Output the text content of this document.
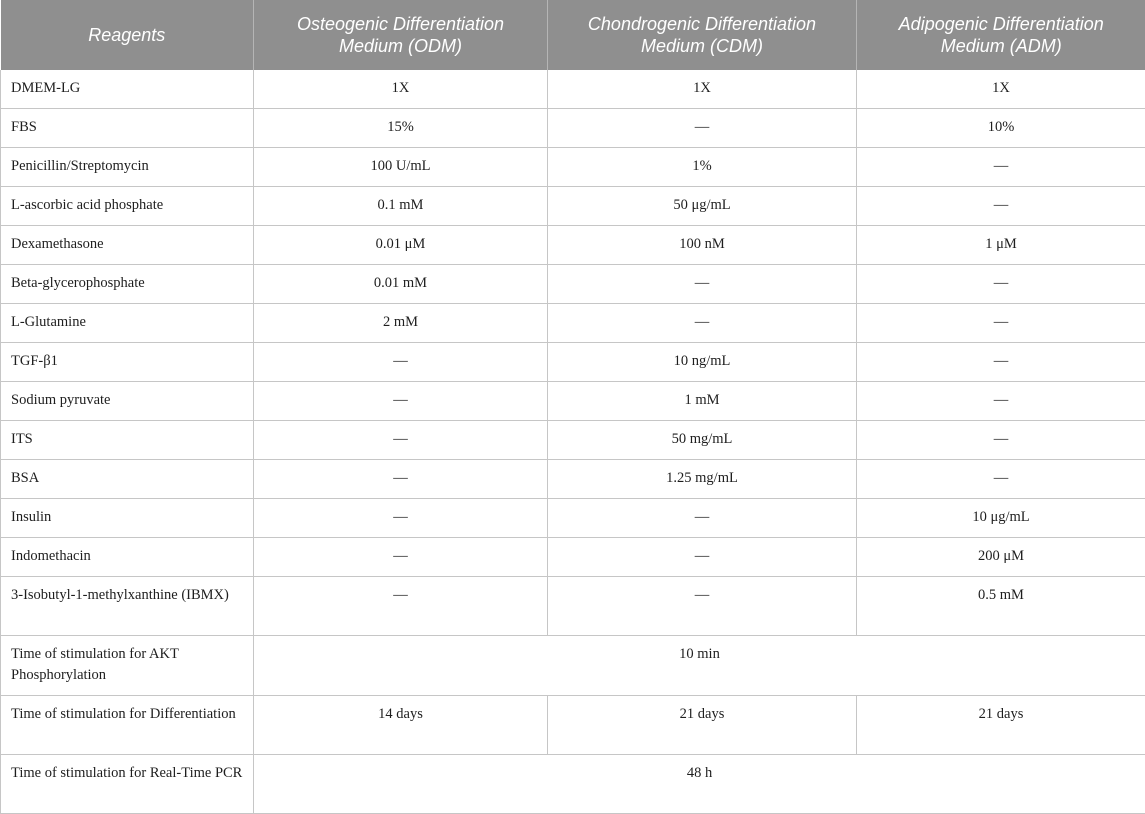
Reagents	Osteogenic Differentiation Medium (ODM)	Chondrogenic Differentiation Medium (CDM)	Adipogenic Differentiation Medium (ADM)
DMEM-LG	1X	1X	1X
FBS	15%	—	10%
Penicillin/Streptomycin	100 U/mL	1%	—
L-ascorbic acid phosphate	0.1 mM	50 μg/mL	—
Dexamethasone	0.01 μM	100 nM	1 μM
Beta-glycerophosphate	0.01 mM	—	—
L-Glutamine	2 mM	—	—
TGF-β1	—	10 ng/mL	—
Sodium pyruvate	—	1 mM	—
ITS	—	50 mg/mL	—
BSA	—	1.25 mg/mL	—
Insulin	—	—	10 μg/mL
Indomethacin	—	—	200 μM
3-Isobutyl-1-methylxanthine (IBMX)	—	—	0.5 mM
Time of stimulation for AKT Phosphorylation	10 min		
Time of stimulation for Differentiation	14 days	21 days	21 days
Time of stimulation for Real-Time PCR	48 h		
